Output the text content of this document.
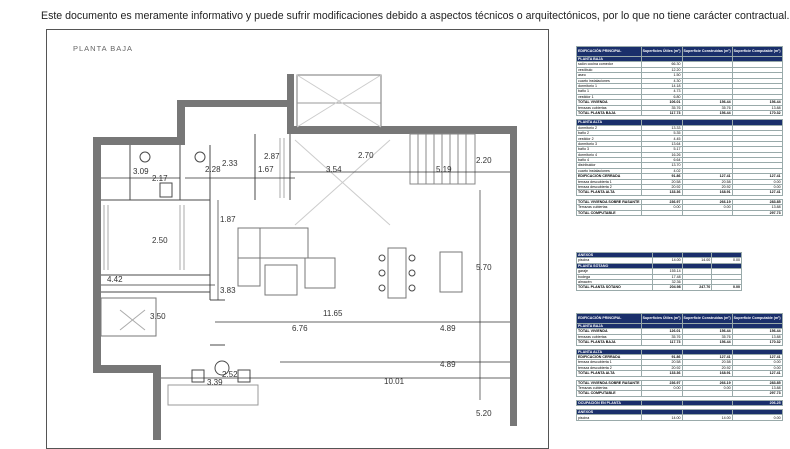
Este documento es meramente informativo y puede sufrir modificaciones debido a aspectos técnicos o arquitectónicos, por lo que no tiene carácter contractual.
PLANTA BAJA
3.09
2.17
2.28
2.33
2.87
1.67	3.54
2.70
5.19
2.20
1.87
2.50
4.42
3.83
5.70
11.65
3.50
6.76	4.89
4.89
2.52
3.39	10.01
5.20
EDIFICACIÓN PRINCIPAL	Superficies Útiles (m²)	Superficie Construidas (m²)	Superficie Computable (m²)
PLANTA BAJA			
salón cocina comedor	66.30		
vestíbulo	12.20		
aseo	1.50		
cuarto instalaciones	4.30		
dormitorio 1	14.18		
baño 1	4.73		
vestidor 1	6.80		
TOTAL VIVIENDA	106.01	156.44	156.44
terrazas cubiertas	35.76	35.76	13.88
TOTAL PLANTA BAJA	117.73	156.44	170.32

PLANTA ALTA			
dormitorio 2	13.33		
baño 2	5.35		
vestidor 2	4.45		
dormitorio 3	13.64		
baño 3	5.17		
dormitorio 4	16.26		
baño 4	6.64		
distribuidor	13.70		
cuarto instalaciones	4.02		
EDIFICACIÓN CERRADA	91.86	127.41	127.41
terraza descubierta 1	20.58	20.58	0.00
terraza descubierta 2	20.92	20.92	0.00
TOTAL PLANTA ALTA	133.36	168.91	127.41

TOTAL VIVIENDA SOBRE RASANTE	236.97	266.19	283.85
Terrazas cubiertas	0.00	0.00	13.88
TOTAL COMPUTABLE			297.73
ANEXOS			
piscina	14.00	14.00	0.00
PLANTA SÓTANO			
garaje	155.14		
bodega	17.48		
almacén	32.36		
TOTAL PLANTA SÓTANO	204.98	247.70	0.00
EDIFICACIÓN PRINCIPAL	Superficies Útiles (m²)	Superficie Construidas (m²)	Superficie Computable (m²)
PLANTA BAJA			
TOTAL VIVIENDA	126.01	156.44	156.44
terrazas cubiertas	35.76	35.76	13.88
TOTAL PLANTA BAJA	117.73	156.44	170.32

PLANTA ALTA			
EDIFICACIÓN CERRADA	91.86	127.41	127.41
terraza descubierta 1	20.58	20.58	0.00
terraza descubierta 2	20.92	20.92	0.00
TOTAL PLANTA ALTA	133.36	168.91	127.41

TOTAL VIVIENDA SOBRE RASANTE	236.97	266.19	283.85
Terrazas cubiertas	0.00	0.00	13.88
TOTAL COMPUTABLE			297.73

OCUPACIÓN EN PLANTA			206.25

ANEXOS			
piscina	14.00	14.00	0.00
